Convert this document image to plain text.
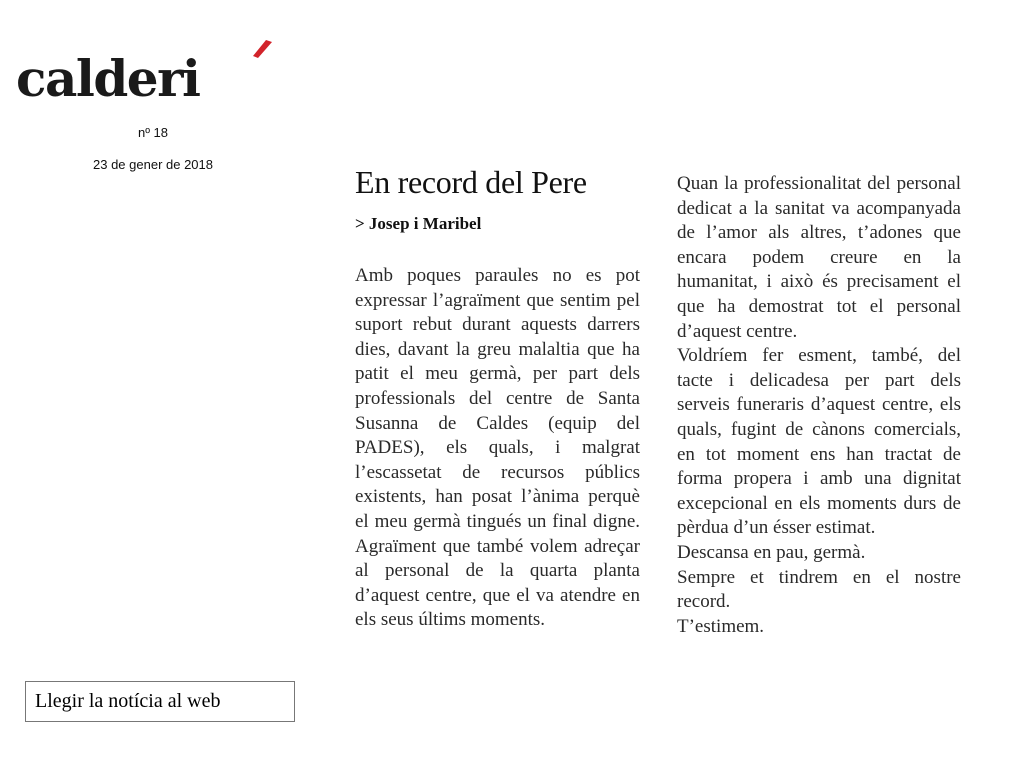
calderi
nº 18
23 de gener de 2018	En record del Pere
> Josep i Maribel

Amb poques paraules no es pot expressar l’agraïment que sentim pel suport rebut durant aquests darrers dies, davant la greu malaltia que ha patit el meu germà, per part dels professionals del centre de Santa Susanna de Caldes (equip del PADES), els quals, i malgrat l’escassetat de recursos públics existents, han posat l’ànima perquè el meu germà tingués un final digne. Agraïment que també volem adreçar al personal de la quarta planta d’aquest centre, que el va atendre en els seus últims moments.

Quan la professionalitat del personal dedicat a la sanitat va acompanyada de l’amor als altres, t’adones que encara podem creure en la humanitat, i això és precisament el que ha demostrat tot el personal d’aquest centre.

Voldríem fer esment, també, del tacte i delicadesa per part dels serveis funeraris d’aquest centre, els quals, fugint de cànons comercials, en tot moment ens han tractat de forma propera i amb una dignitat excepcional en els moments durs de pèrdua d’un ésser estimat.

Descansa en pau, germà.

Sempre et tindrem en el nostre record.

T’estimem.

Llegir la notícia al web
